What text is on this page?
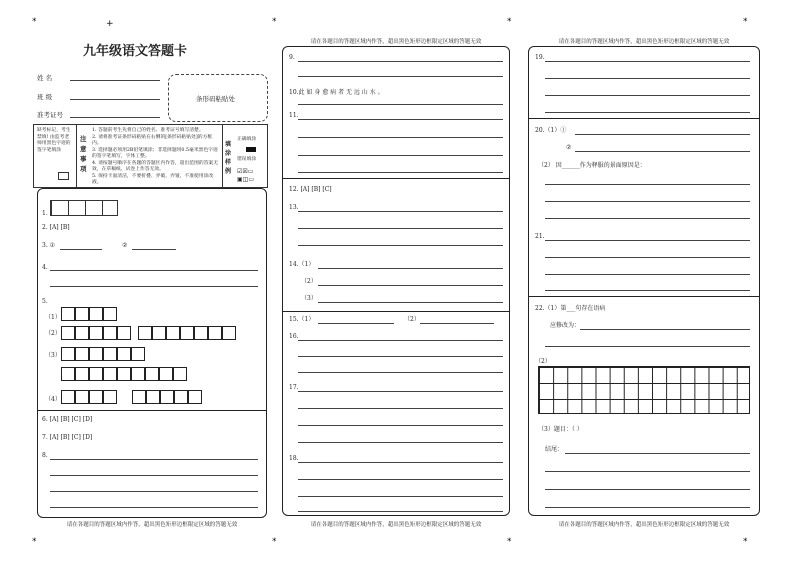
*	+	*	*	*
*	*	*	*
九年级语文答题卡
姓 名
班 级
准考证号
条形码粘贴处
缺考标记，考生禁填! 由监考老师用黑色字迹的签字笔填涂
注意事项
1. 答题前考生先将自己的姓名、准考证号填写清楚。
2. 请将准考证条形码粘贴在右侧的[条形码粘贴处]的方框内。
3. 选择题必须用2B铅笔填涂；非选择题用0.5毫米黑色字迹的签字笔填写，字体工整。
4. 请按题号顺序在各题的答题区内作答，超出范围的答案无效，在草稿纸、试卷上作答无效。
5. 保持卡面清洁，不要折叠、弄破、弄皱，不准使用涂改液。
填涂样例
正确填涂
错误填涂
☑☒▭
▣◫▭
请在各题目的答题区域内作答，超出黑色矩形边框限定区域的答题无效
1.
2. [A] [B]
3. ①	②
4.
5.
（1）
（2）
（3）
（4）
6. [A] [B] [C] [D]
7. [A] [B] [C] [D]
8.
请在各题目的答题区域内作答，超出黑色矩形边框限定区域的答题无效
请在各题目的答题区域内作答，超出黑色矩形边框限定区域的答题无效
9.
10.此 如 身 愈 病 者 无 远 山 水 。
11.
12. [A] [B] [C]
13.
14.（1）
（2）
（3）
15.（1）	（2）
16.
17.
18.
请在各题目的答题区域内作答，超出黑色矩形边框限定区域的答题无效
请在各题目的答题区域内作答，超出黑色矩形边框限定区域的答题无效
19.
20.（1）①
②
（2） 因______作为释服的景面原因是：
21.
22.（1）第___句存在语病
应修改为：
（2）
（3）题目：（ ）
结尾：
